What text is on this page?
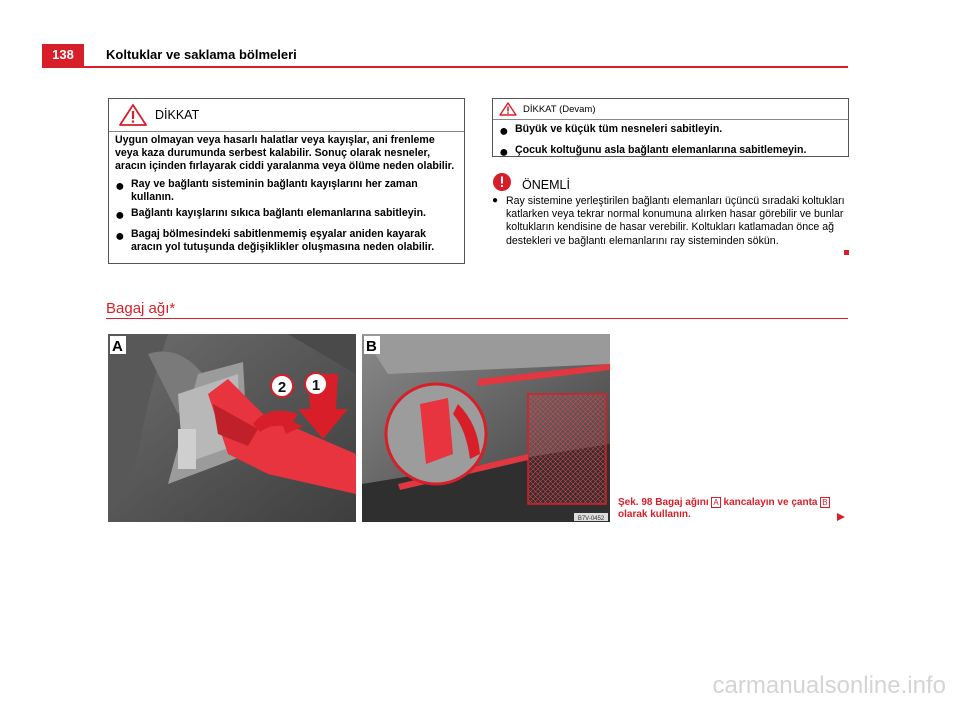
138	Koltuklar ve saklama bölmeleri
DİKKAT

Uygun olmayan veya hasarlı halatlar veya kayışlar, ani frenleme veya kaza durumunda serbest kalabilir. Sonuç olarak nesneler, aracın içinden fırlayarak ciddi yaralanma veya ölüme neden olabilir.

● Ray ve bağlantı sisteminin bağlantı kayışlarını her zaman kullanın.

● Bağlantı kayışlarını sıkıca bağlantı elemanlarına sabitleyin.

● Bagaj bölmesindeki sabitlenmemiş eşyalar aniden kayarak aracın yol tutuşunda değişiklikler oluşmasına neden olabilir.

DİKKAT (Devam)
● Büyük ve küçük tüm nesneleri sabitleyin.

● Çocuk koltuğunu asla bağlantı elemanlarına sabitlemeyin.

ÖNEMLİ
● Ray sistemine yerleştirilen bağlantı elemanları üçüncü sıradaki koltukları katlarken veya tekrar normal konumuna alırken hasar görebilir ve bunlar koltukların kendisine de hasar verebilir. Koltukları katlamadan önce ağ destekleri ve bağlantı elemanlarını ray sisteminden sökün.

Bagaj ağı*
A	B
2 1
B7V-0452
Şek. 98 Bagaj ağını A kancalayın ve çanta Bolarak kullanın.
carmanualsonline.info
